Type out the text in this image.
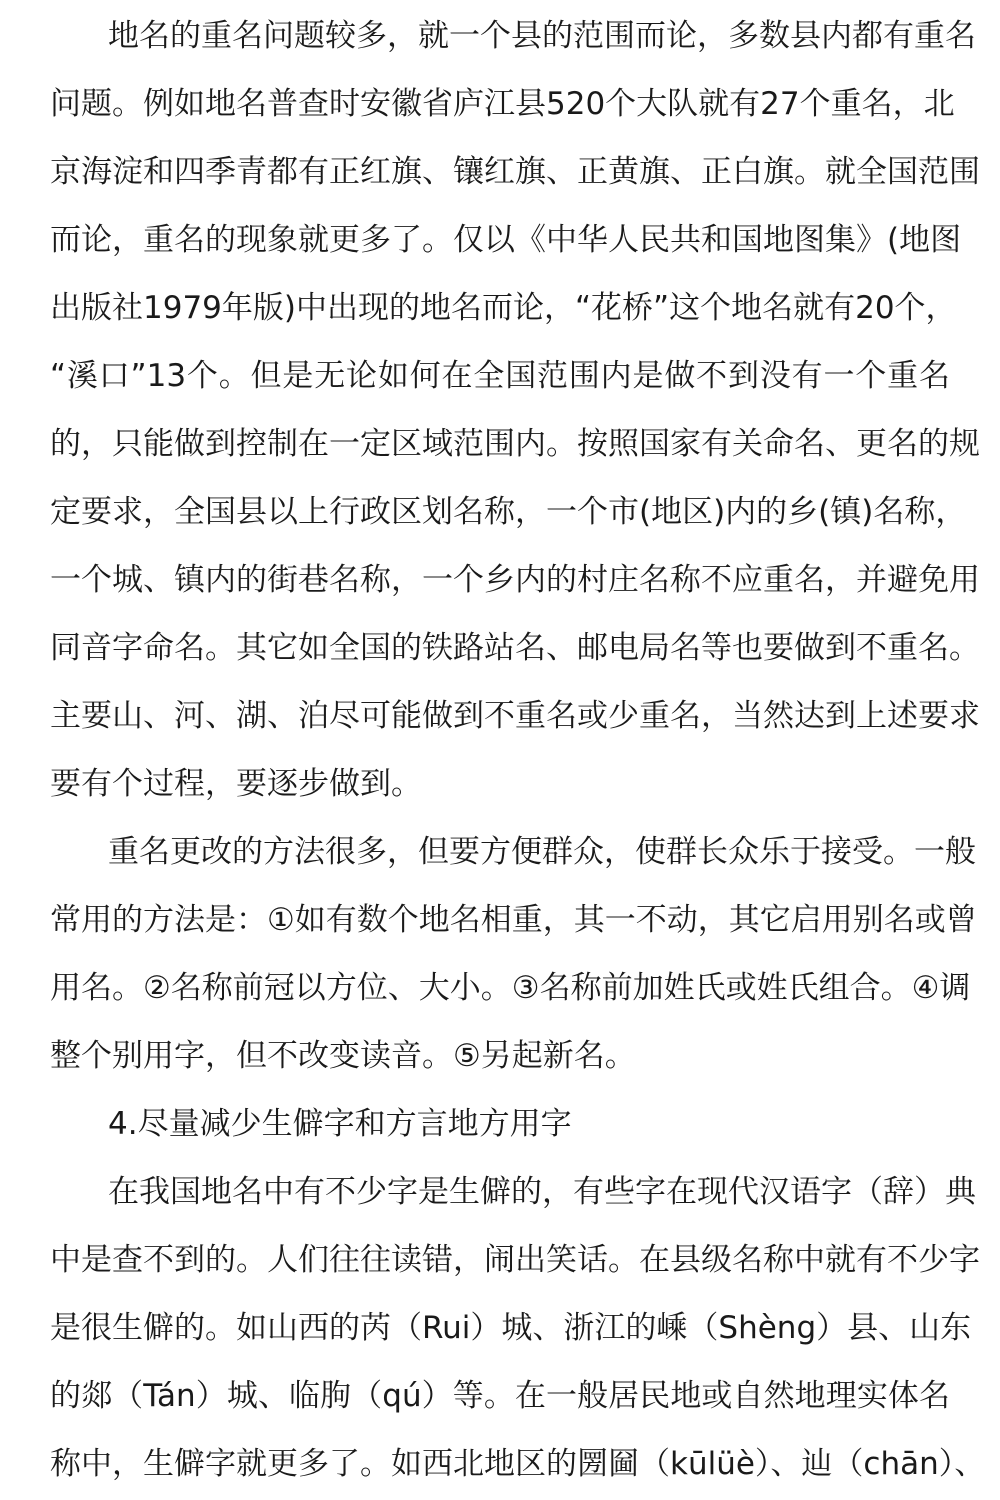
地名的重名问题较多，就一个县的范围而论，多数县内都有重名
问题。例如地名普查时安徽省庐江县520个大队就有27个重名，北
京海淀和四季青都有正红旗、镶红旗、正黄旗、正白旗。就全国范围
而论，重名的现象就更多了。仅以《中华人民共和国地图集》(地图
出版社1979年版)中出现的地名而论，“花桥”这个地名就有20个，
“溪口”13个。但是无论如何在全国范围内是做不到没有一个重名
的，只能做到控制在一定区域范围内。按照国家有关命名、更名的规
定要求，全国县以上行政区划名称，一个市(地区)内的乡(镇)名称，
一个城、镇内的街巷名称，一个乡内的村庄名称不应重名，并避免用
同音字命名。其它如全国的铁路站名、邮电局名等也要做到不重名。
主要山、河、湖、泊尽可能做到不重名或少重名，当然达到上述要求
要有个过程，要逐步做到。
重名更改的方法很多，但要方便群众，使群长众乐于接受。一般
常用的方法是：①如有数个地名相重，其一不动，其它启用别名或曾
用名。②名称前冠以方位、大小。③名称前加姓氏或姓氏组合。④调
整个别用字，但不改变读音。⑤另起新名。
4.尽量减少生僻字和方言地方用字
在我国地名中有不少字是生僻的，有些字在现代汉语字（辞）典
中是查不到的。人们往往读错，闹出笑话。在县级名称中就有不少字
是很生僻的。如山西的芮（Rui）城、浙江的嵊（Shèng）县、山东
的郯（Tán）城、临朐（qú）等。在一般居民地或自然地理实体名
称中，生僻字就更多了。如西北地区的圐圙（kūlüè）、辿（chān）、
